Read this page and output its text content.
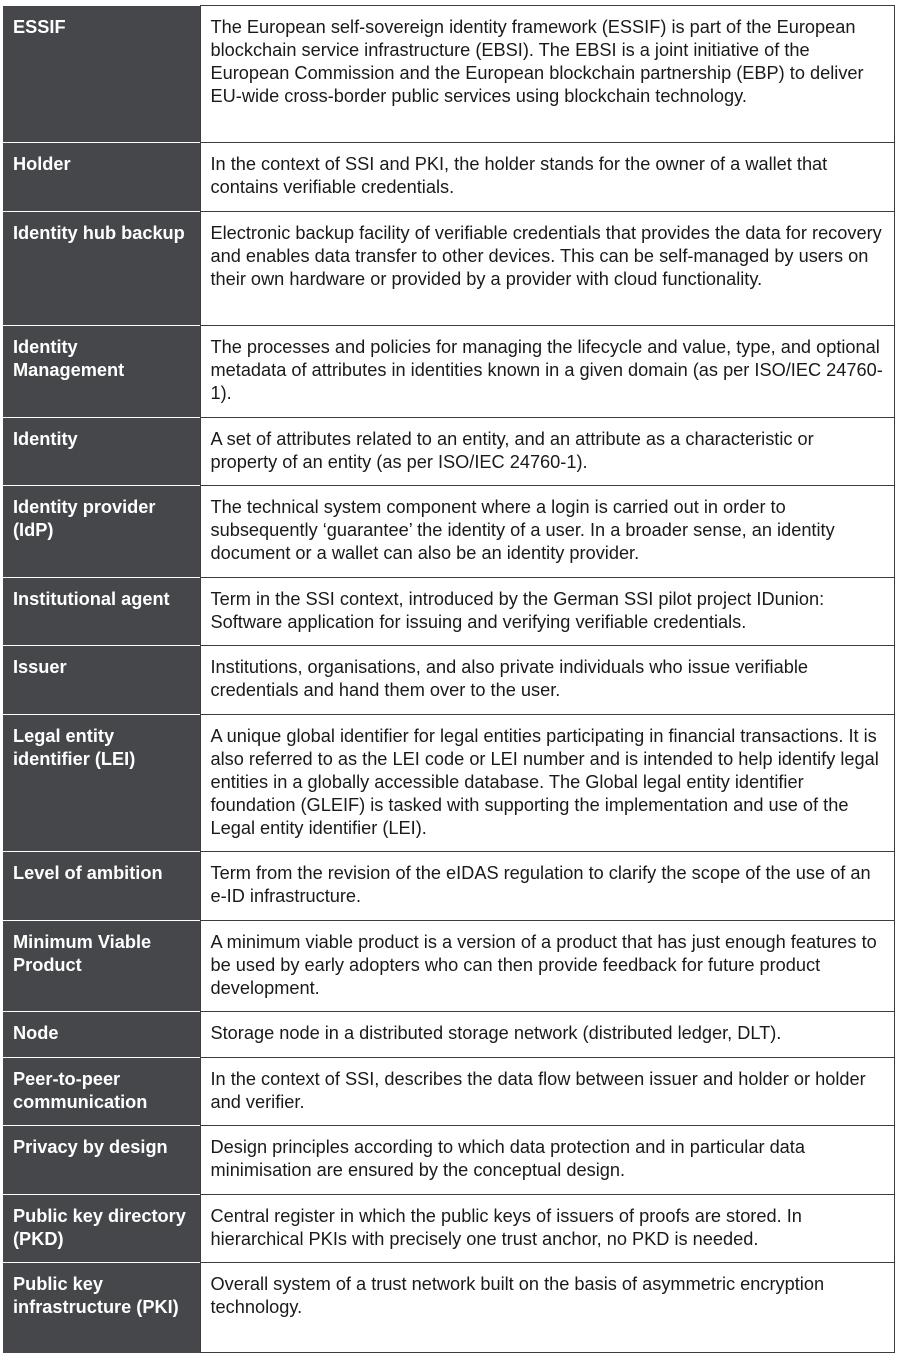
ESSIF	The European self-sovereign identity framework (ESSIF) is part of the European blockchain service infrastructure (EBSI). The EBSI is a joint initiative of the European Commission and the European blockchain partnership (EBP) to deliver EU-wide cross-border public services using blockchain technology.
Holder	In the context of SSI and PKI, the holder stands for the owner of a wallet that contains verifiable credentials.
Identity hub backup	Electronic backup facility of verifiable credentials that provides the data for recovery and enables data transfer to other devices. This can be self-managed by users on their own hardware or provided by a provider with cloud functionality.
Identity Management	The processes and policies for managing the lifecycle and value, type, and optional metadata of attributes in identities known in a given domain (as per ISO/IEC 24760-1).
Identity	A set of attributes related to an entity, and an attribute as a characteristic or property of an entity (as per ISO/IEC 24760-1).
Identity provider (IdP)	The technical system component where a login is carried out in order to subsequently ‘guarantee’ the identity of a user. In a broader sense, an identity document or a wallet can also be an identity provider.
Institutional agent	Term in the SSI context, introduced by the German SSI pilot project IDunion: Software application for issuing and verifying verifiable credentials.
Issuer	Institutions, organisations, and also private individuals who issue verifiable credentials and hand them over to the user.
Legal entity identifier (LEI)	A unique global identifier for legal entities participating in financial transactions. It is also referred to as the LEI code or LEI number and is intended to help identify legal entities in a globally accessible database. The Global legal entity identifier foundation (GLEIF) is tasked with supporting the implementation and use of the Legal entity identifier (LEI).
Level of ambition	Term from the revision of the eIDAS regulation to clarify the scope of the use of an e-ID infrastructure.
Minimum Viable Product	A minimum viable product is a version of a product that has just enough features to be used by early adopters who can then provide feedback for future product development.
Node	Storage node in a distributed storage network (distributed ledger, DLT).
Peer-to-peer communication	In the context of SSI, describes the data flow between issuer and holder or holder and verifier.
Privacy by design	Design principles according to which data protection and in particular data minimisation are ensured by the conceptual design.
Public key directory (PKD)	Central register in which the public keys of issuers of proofs are stored. In hierarchical PKIs with precisely one trust anchor, no PKD is needed.
Public key infrastructure (PKI)	Overall system of a trust network built on the basis of asymmetric encryption technology.
